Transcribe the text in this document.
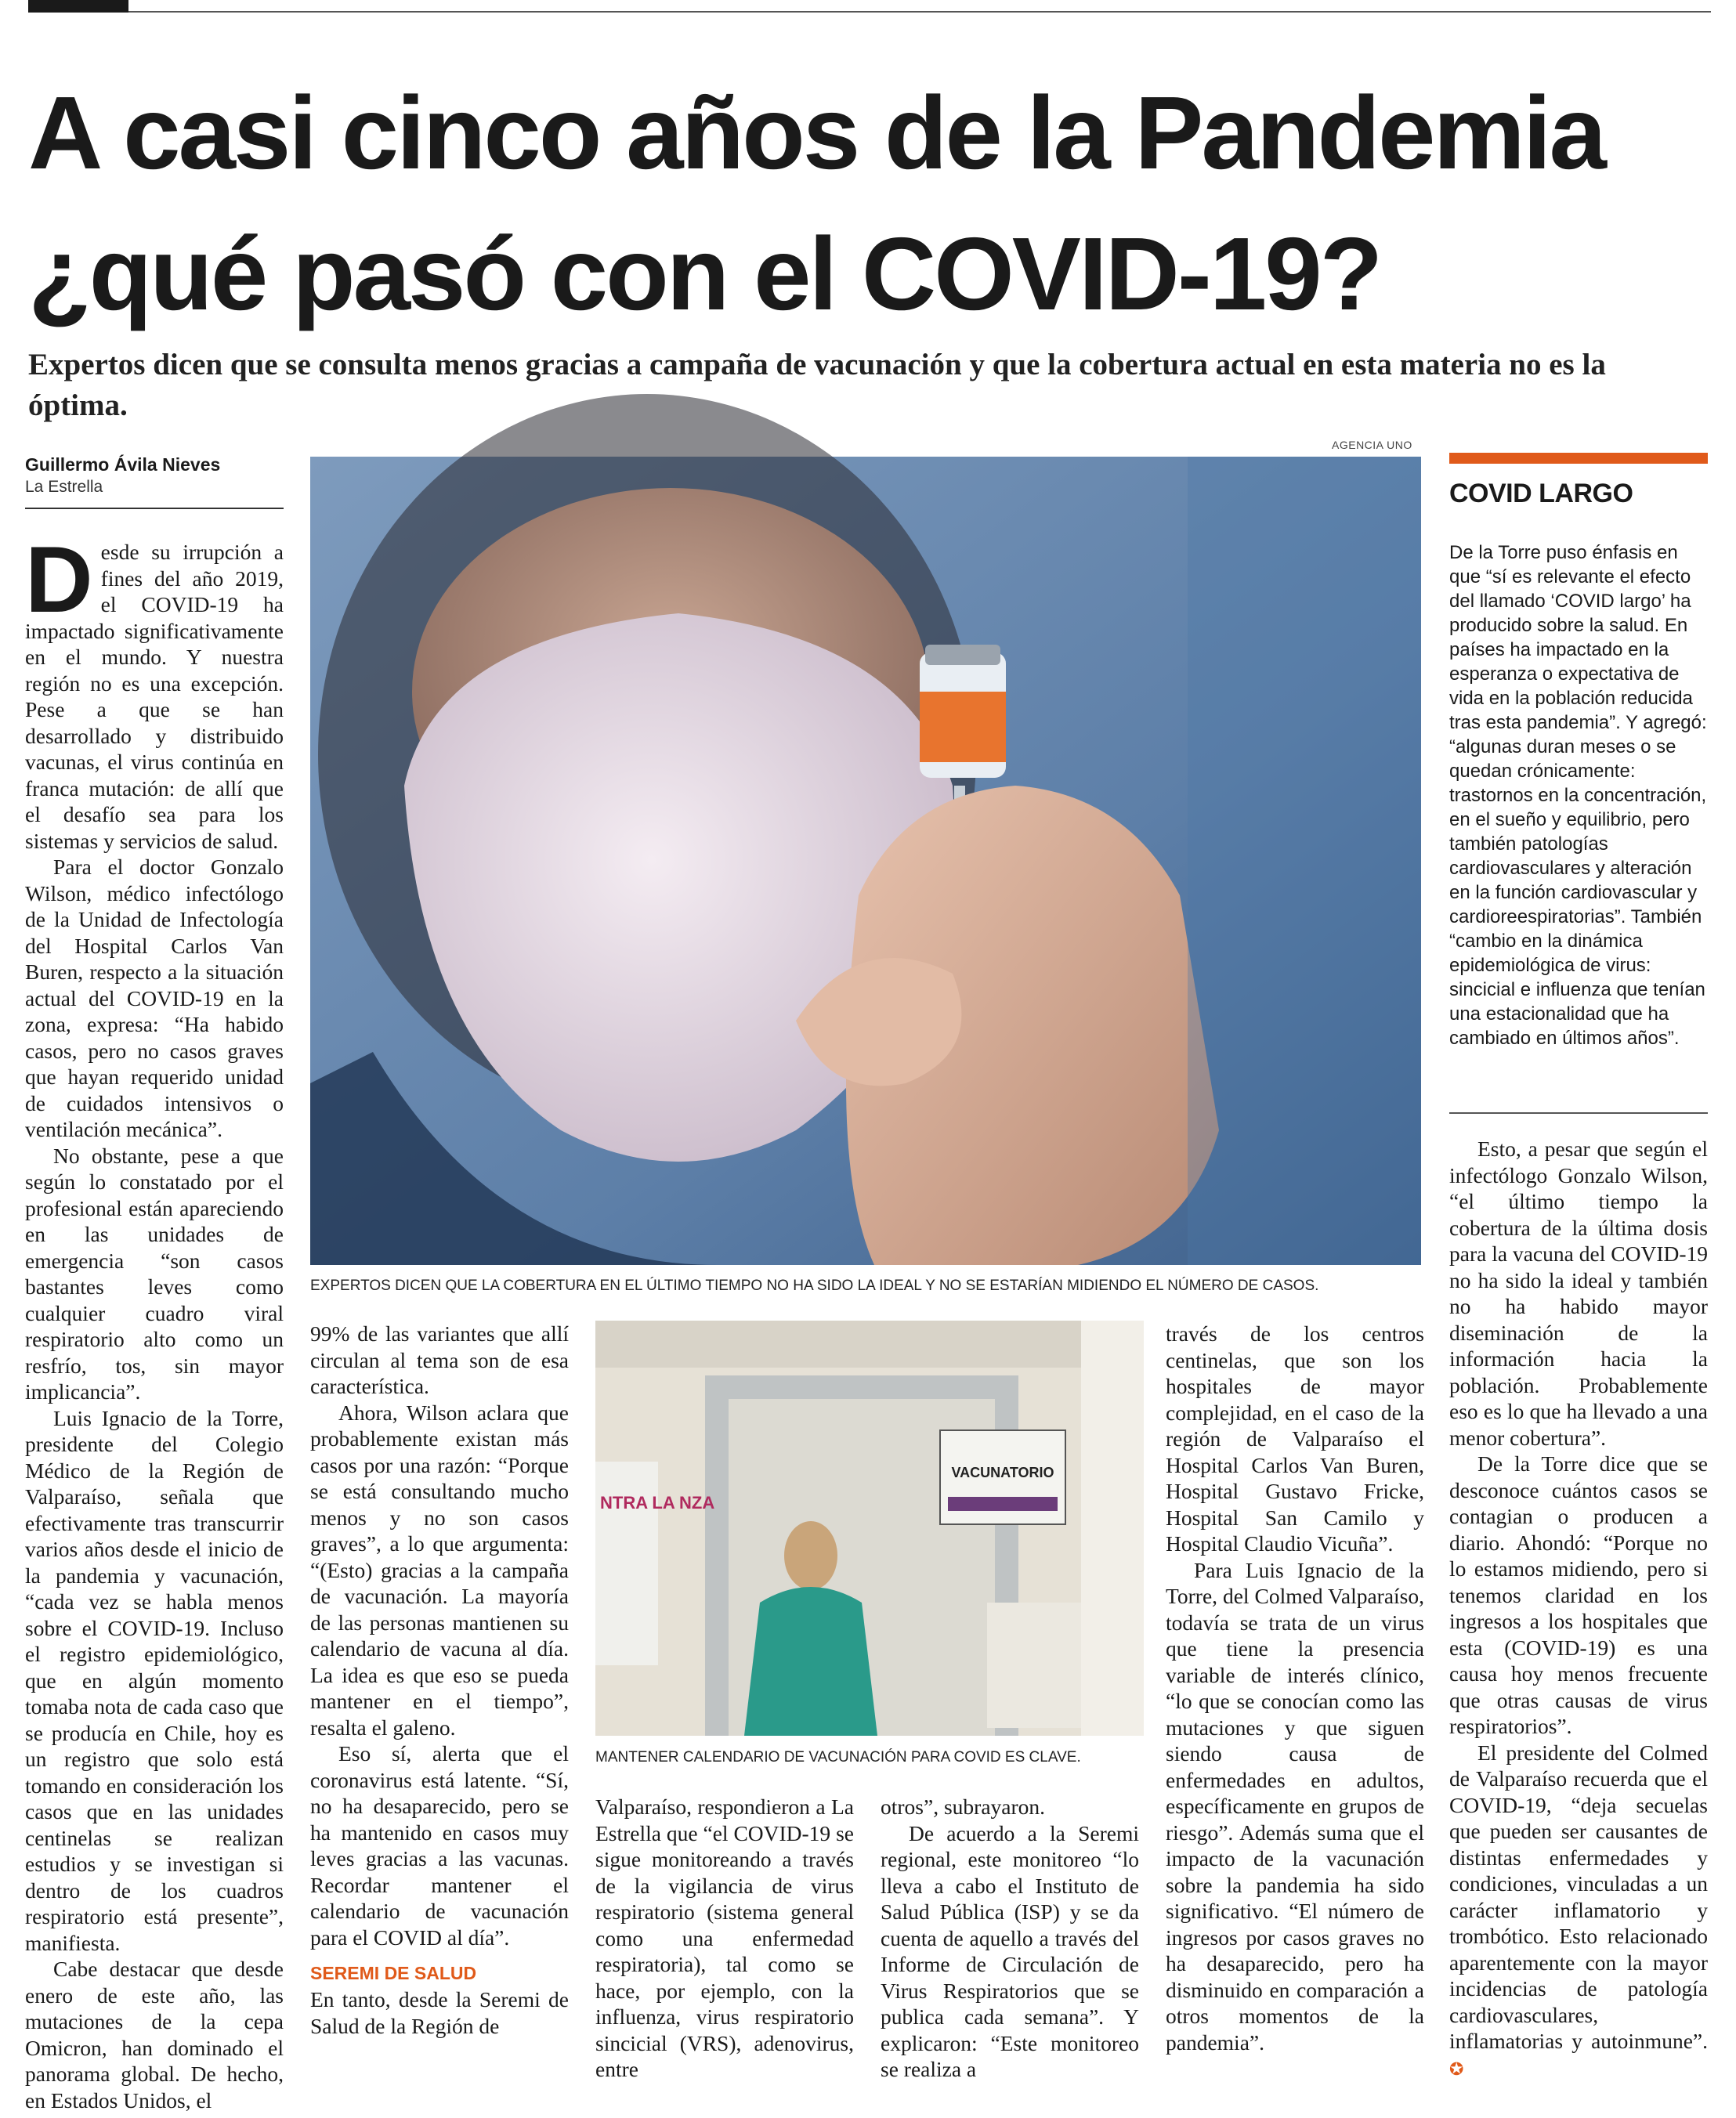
A casi cinco años de la Pandemia
¿qué pasó con el COVID-19?

Expertos dicen que se consulta menos gracias a campaña de vacunación y que la cobertura actual en esta materia no es la óptima.

Guillermo Ávila Nieves
La Estrella

Desde su irrupción a fines del año 2019, el COVID-19 ha impactado significativamente en el mundo. Y nuestra región no es una excepción. Pese a que se han desarrollado y distribuido vacunas, el virus continúa en franca mutación: de allí que el desafío sea para los sistemas y servicios de salud.

Para el doctor Gonzalo Wilson, médico infectólogo de la Unidad de Infectología del Hospital Carlos Van Buren, respecto a la situación actual del COVID-19 en la zona, expresa: “Ha habido casos, pero no casos graves que hayan requerido unidad de cuidados intensivos o ventilación mecánica”.

No obstante, pese a que según lo constatado por el profesional están apareciendo en las unidades de emergencia “son casos bastantes leves como cualquier cuadro viral respiratorio alto como un resfrío, tos, sin mayor implicancia”.

Luis Ignacio de la Torre, presidente del Colegio Médico de la Región de Valparaíso, señala que efectivamente tras transcurrir varios años desde el inicio de la pandemia y vacunación, “cada vez se habla menos sobre el COVID-19. Incluso el registro epidemiológico, que en algún momento tomaba nota de cada caso que se producía en Chile, hoy es un registro que solo está tomando en consideración los casos que en las unidades centinelas se realizan estudios y se investigan si dentro de los cuadros respiratorio está presente”, manifiesta.

Cabe destacar que desde enero de este año, las mutaciones de la cepa Omicron, han dominado el panorama global. De hecho, en Estados Unidos, el

AGENCIA UNO
EXPERTOS DICEN QUE LA COBERTURA EN EL ÚLTIMO TIEMPO NO HA SIDO LA IDEAL Y NO SE ESTARÍAN MIDIENDO EL NÚMERO DE CASOS.
VACUNATORIO
NTRA LA NZA
MANTENER CALENDARIO DE VACUNACIÓN PARA COVID ES CLAVE.

99% de las variantes que allí circulan al tema son de esa característica.

Ahora, Wilson aclara que probablemente existan más casos por una razón: “Porque se está consultando mucho menos y no son casos graves”, a lo que argumenta: “(Esto) gracias a la campaña de vacunación. La mayoría de las personas mantienen su calendario de vacuna al día. La idea es que eso se pueda mantener en el tiempo”, resalta el galeno.

Eso sí, alerta que el coronavirus está latente. “Sí, no ha desaparecido, pero se ha mantenido en casos muy leves gracias a las vacunas. Recordar mantener el calendario de vacunación para el COVID al día”.

SEREMI DE SALUD

En tanto, desde la Seremi de Salud de la Región de

Valparaíso, respondieron a La Estrella que “el COVID-19 se sigue monitoreando a través de la vigilancia de virus respiratorio (sistema general como una enfermedad respiratoria), tal como se hace, por ejemplo, con la influenza, virus respiratorio sincicial (VRS), adenovirus, entre

otros”, subrayaron.

De acuerdo a la Seremi regional, este monitoreo “lo lleva a cabo el Instituto de Salud Pública (ISP) y se da cuenta de aquello a través del Informe de Circulación de Virus Respiratorios que se publica cada semana”. Y explicaron: “Este monitoreo se realiza a

través de los centros centinelas, que son los hospitales de mayor complejidad, en el caso de la región de Valparaíso el Hospital Carlos Van Buren, Hospital Gustavo Fricke, Hospital San Camilo y Hospital Claudio Vicuña”.

Para Luis Ignacio de la Torre, del Colmed Valparaíso, todavía se trata de un virus que tiene la presencia variable de interés clínico, “lo que se conocían como las mutaciones y que siguen siendo causa de enfermedades en adultos, específicamente en grupos de riesgo”. Además suma que el impacto de la vacunación sobre la pandemia ha sido significativo. “El número de ingresos por casos graves no ha desaparecido, pero ha disminuido en comparación a otros momentos de la pandemia”.

COVID LARGO

De la Torre puso énfasis en que “sí es relevante el efecto del llamado ‘COVID largo’ ha producido sobre la salud. En países ha impactado en la esperanza o expectativa de vida en la población reducida tras esta pandemia”. Y agregó: “algunas duran meses o se quedan crónicamente: trastornos en la concentración, en el sueño y equilibrio, pero también patologías cardiovasculares y alteración en la función cardiovascular y cardioreespiratorias”. También “cambio en la dinámica epidemiológica de virus: sincicial e influenza que tenían una estacionalidad que ha cambiado en últimos años”.

Esto, a pesar que según el infectólogo Gonzalo Wilson, “el último tiempo la cobertura de la última dosis para la vacuna del COVID-19 no ha sido la ideal y también no ha habido mayor diseminación de la información hacia la población. Probablemente eso es lo que ha llevado a una menor cobertura”.

De la Torre dice que se desconoce cuántos casos se contagian o producen a diario. Ahondó: “Porque no lo estamos midiendo, pero si tenemos claridad en los ingresos a los hospitales que esta (COVID-19) es una causa hoy menos frecuente que otras causas de virus respiratorios”.

El presidente del Colmed de Valparaíso recuerda que el COVID-19, “deja secuelas que pueden ser causantes de distintas enfermedades y condiciones, vinculadas a un carácter inflamatorio y trombótico. Esto relacionado aparentemente con la mayor incidencias de patología cardiovasculares, inflamatorias y autoinmune”. ✪
